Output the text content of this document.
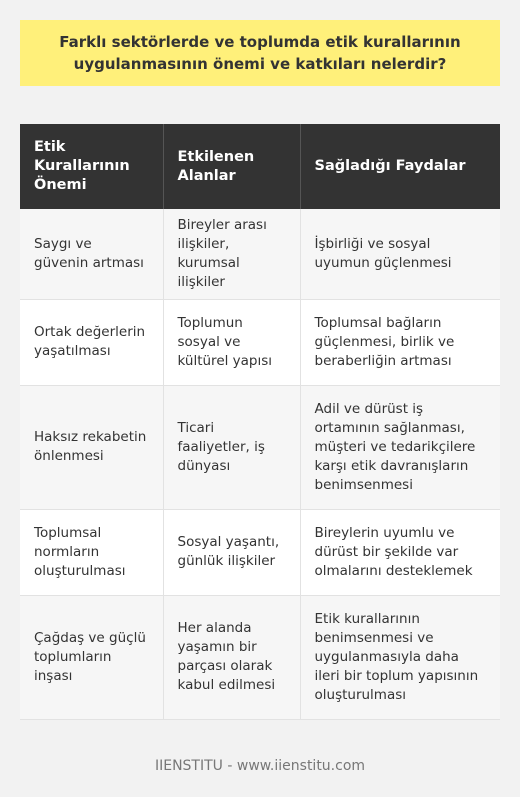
Farklı sektörlerde ve toplumda etik kurallarının uygulanmasının önemi ve katkıları nelerdir?
Etik Kurallarının Önemi	Etkilenen Alanlar	Sağladığı Faydalar
Saygı ve güvenin artması	Bireyler arası ilişkiler, kurumsal ilişkiler	İşbirliği ve sosyal uyumun güçlenmesi
Ortak değerlerin yaşatılması	Toplumun sosyal ve kültürel yapısı	Toplumsal bağların güçlenmesi, birlik ve beraberliğin artması
Haksız rekabetin önlenmesi	Ticari faaliyetler, iş dünyası	Adil ve dürüst iş ortamının sağlanması, müşteri ve tedarikçilere karşı etik davranışların benimsenmesi
Toplumsal normların oluşturulması	Sosyal yaşantı, günlük ilişkiler	Bireylerin uyumlu ve dürüst bir şekilde var olmalarını desteklemek
Çağdaş ve güçlü toplumların inşası	Her alanda yaşamın bir parçası olarak kabul edilmesi	Etik kurallarının benimsenmesi ve uygulanmasıyla daha ileri bir toplum yapısının oluşturulması
IIENSTITU - www.iienstitu.com
